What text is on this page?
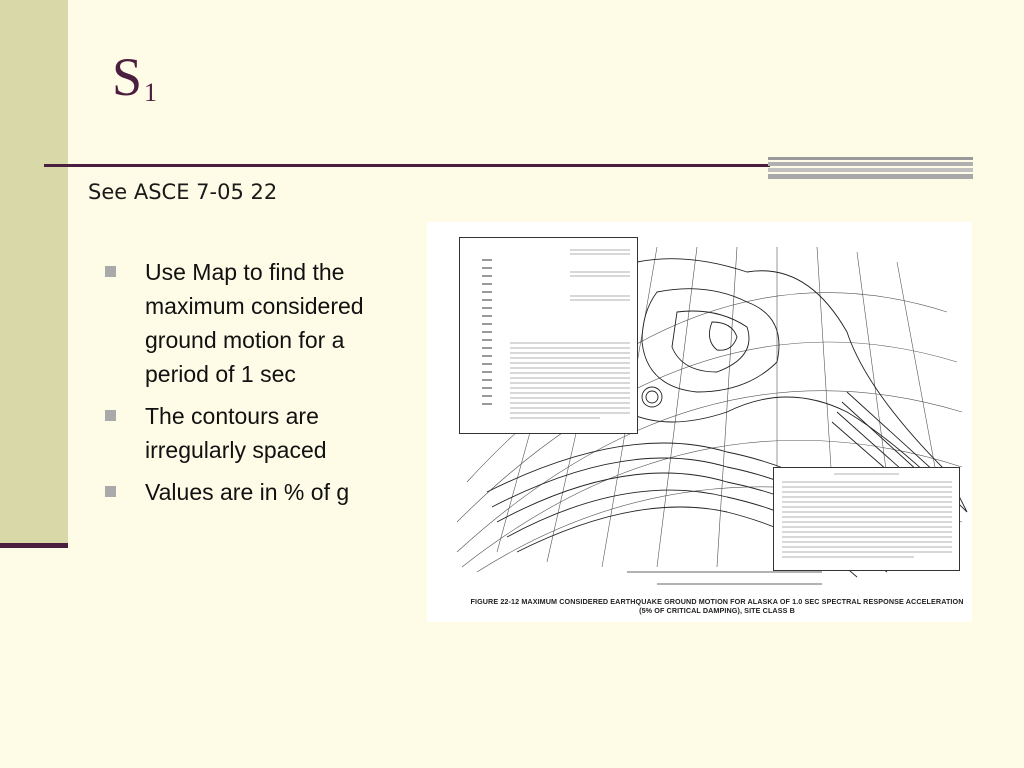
$S_1$
See ASCE 7-05 22
Use Map to find the maximum considered ground motion for a period of 1 sec
The contours are irregularly spaced
Values are in % of g
FIGURE 22-12 MAXIMUM CONSIDERED EARTHQUAKE GROUND MOTION FOR ALASKA OF 1.0 SEC SPECTRAL RESPONSE ACCELERATION (5% OF CRITICAL DAMPING), SITE CLASS B
